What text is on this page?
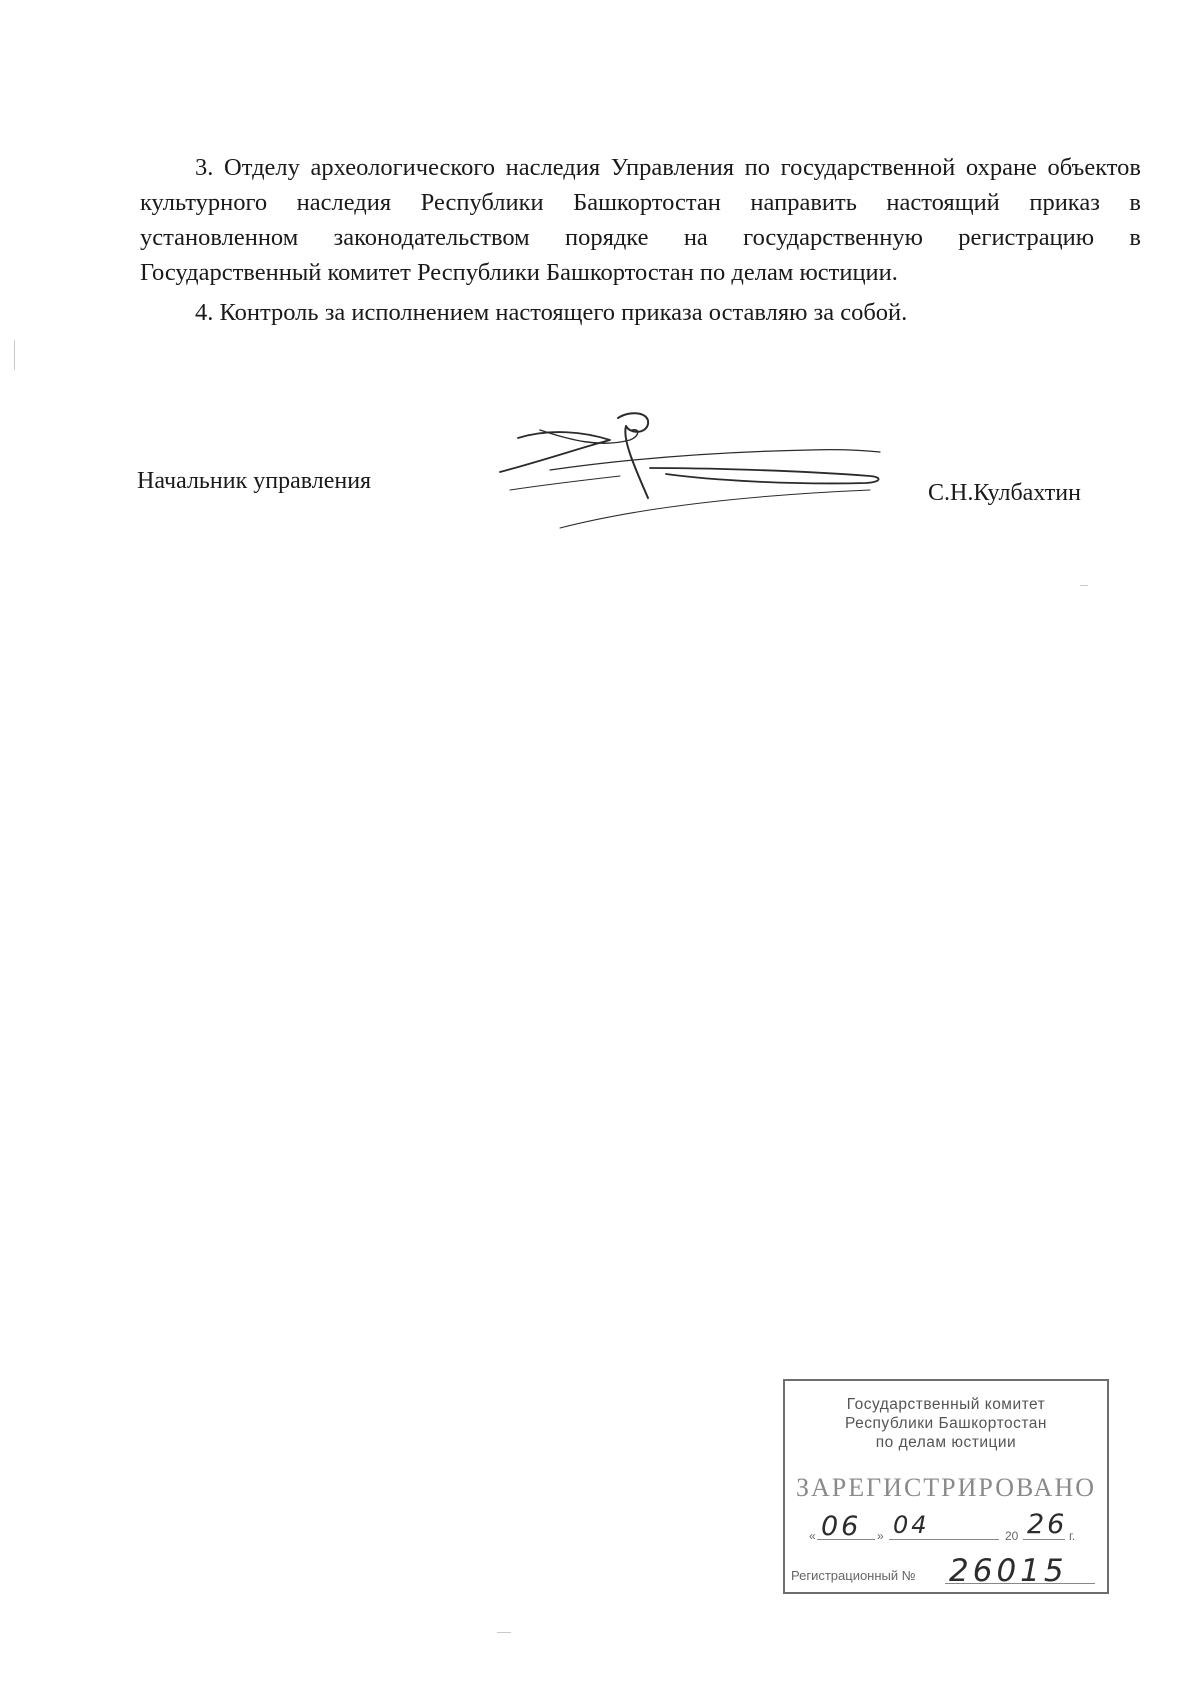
3. Отделу археологического наследия Управления по государственной охране объектов культурного наследия Республики Башкортостан направить настоящий приказ в установленном законодательством порядке на государственную регистрацию в Государственный комитет Республики Башкортостан по делам юстиции.

4. Контроль за исполнением настоящего приказа оставляю за собой.

Начальник управления	С.Н.Кулбахтин
Государственный комитет
Республики Башкортостан
по делам юстиции
ЗАРЕГИСТРИРОВАНО
« 06 » 04	20 26 г.
Регистрационный № 26015
